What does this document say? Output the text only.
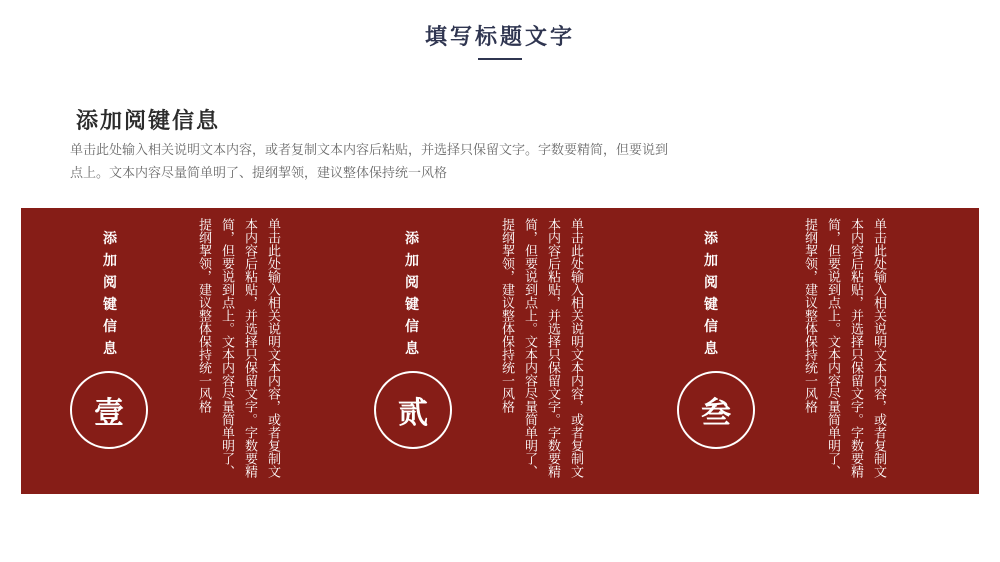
填写标题文字
添加阅键信息
单击此处输入相关说明文本内容，或者复制文本内容后粘贴，并选择只保留文字。字数要精简，但要说到点上。文本内容尽量简单明了、提纲挈领，建议整体保持统一风格
单击此处输入相关说明文本内容，或者复制文本内容后粘贴，并选择只保留文字。字数要精简，但要说到点上。文本内容尽量简单明了、提纲挈领，建议整体保持统一风格
添加阅键信息
壹	单击此处输入相关说明文本内容，或者复制文本内容后粘贴，并选择只保留文字。字数要精简，但要说到点上。文本内容尽量简单明了、提纲挈领，建议整体保持统一风格
添加阅键信息
贰	单击此处输入相关说明文本内容，或者复制文本内容后粘贴，并选择只保留文字。字数要精简，但要说到点上。文本内容尽量简单明了、提纲挈领，建议整体保持统一风格
添加阅键信息
叁
